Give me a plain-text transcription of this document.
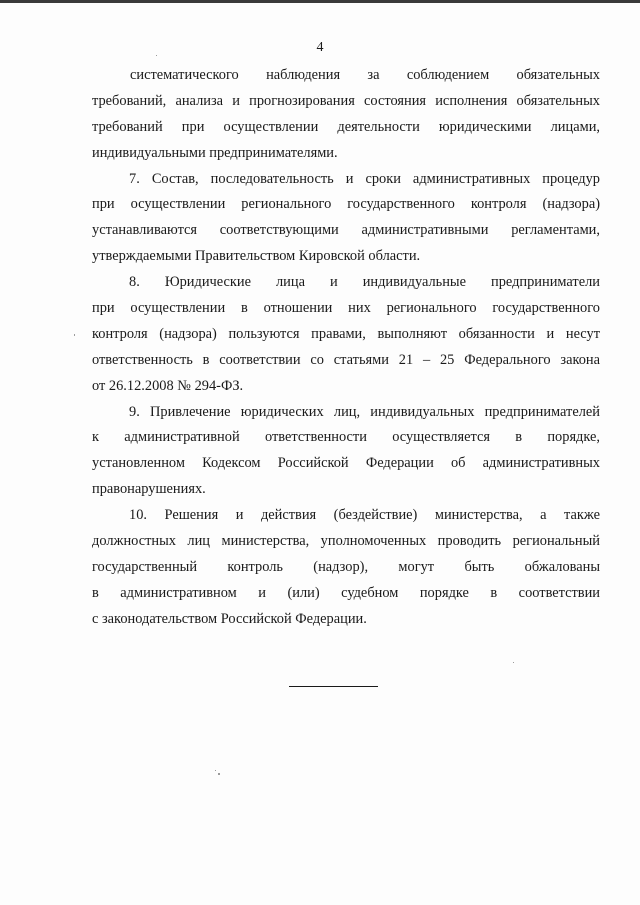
4
систематического наблюдения за соблюдением обязательных
требований, анализа и прогнозирования состояния исполнения обязательных
требований при осуществлении деятельности юридическими лицами,
индивидуальными предпринимателями.
7. Состав, последовательность и сроки административных процедур
при осуществлении регионального государственного контроля (надзора)
устанавливаются соответствующими административными регламентами,
утверждаемыми Правительством Кировской области.
8. Юридические лица и индивидуальные предприниматели
при осуществлении в отношении них регионального государственного
контроля (надзора) пользуются правами, выполняют обязанности и несут
ответственность в соответствии со статьями 21 – 25 Федерального закона
от 26.12.2008 № 294-ФЗ.
9. Привлечение юридических лиц, индивидуальных предпринимателей
к административной ответственности осуществляется в порядке,
установленном Кодексом Российской Федерации об административных
правонарушениях.
10. Решения и действия (бездействие) министерства, а также
должностных лиц министерства, уполномоченных проводить региональный
государственный контроль (надзор), могут быть обжалованы
в административном и (или) судебном порядке в соответствии
с законодательством Российской Федерации.
